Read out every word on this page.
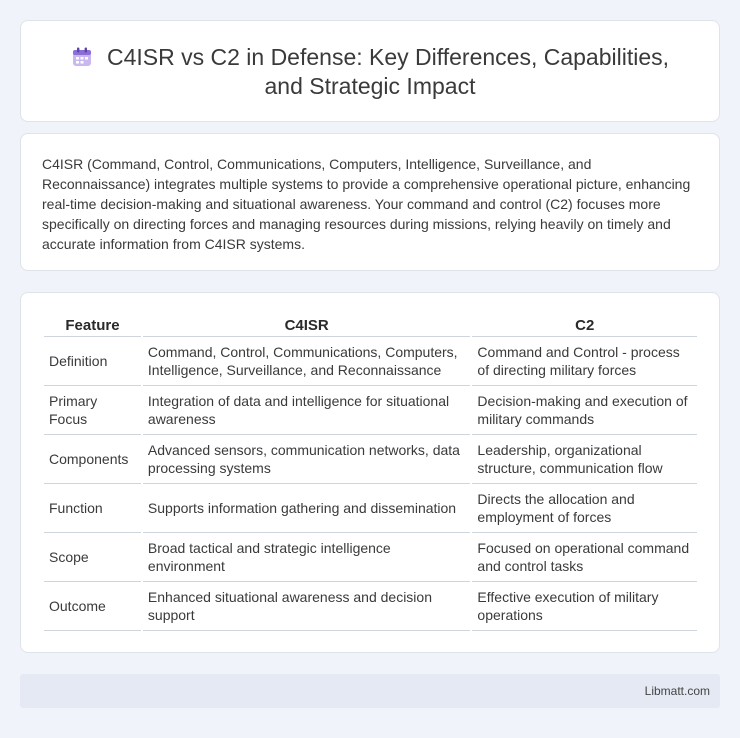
C4ISR vs C2 in Defense: Key Differences, Capabilities,
and Strategic Impact

C4ISR (Command, Control, Communications, Computers, Intelligence, Surveillance, and Reconnaissance) integrates multiple systems to provide a comprehensive operational picture, enhancing real-time decision-making and situational awareness. Your command and control (C2) focuses more specifically on directing forces and managing resources during missions, relying heavily on timely and accurate information from C4ISR systems.

Feature	C4ISR	C2
Definition	Command, Control, Communications, Computers, Intelligence, Surveillance, and Reconnaissance	Command and Control - process of directing military forces
Primary Focus	Integration of data and intelligence for situational awareness	Decision-making and execution of military commands
Components	Advanced sensors, communication networks, data processing systems	Leadership, organizational structure, communication flow
Function	Supports information gathering and dissemination	Directs the allocation and employment of forces
Scope	Broad tactical and strategic intelligence environment	Focused on operational command and control tasks
Outcome	Enhanced situational awareness and decision support	Effective execution of military operations
Libmatt.com
